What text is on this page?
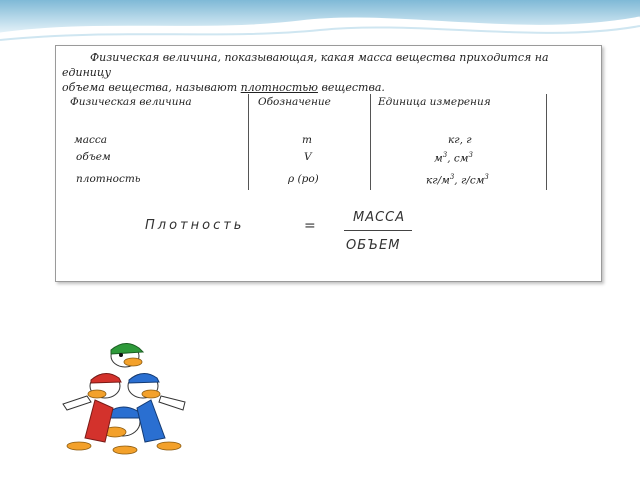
Физическая величина, показывающая, какая масса вещества приходится на единицу
объема вещества, называют плотностью вещества.
Физическая величина	Обозначение	Единица измерения
масса	m	кг, г
объем	V	$м^3$, $см^3$
плотность	ρ (ро)	$кг/м^3$, $г/см^3$
Плотность	=
МАССА
ОБЪЕМ
